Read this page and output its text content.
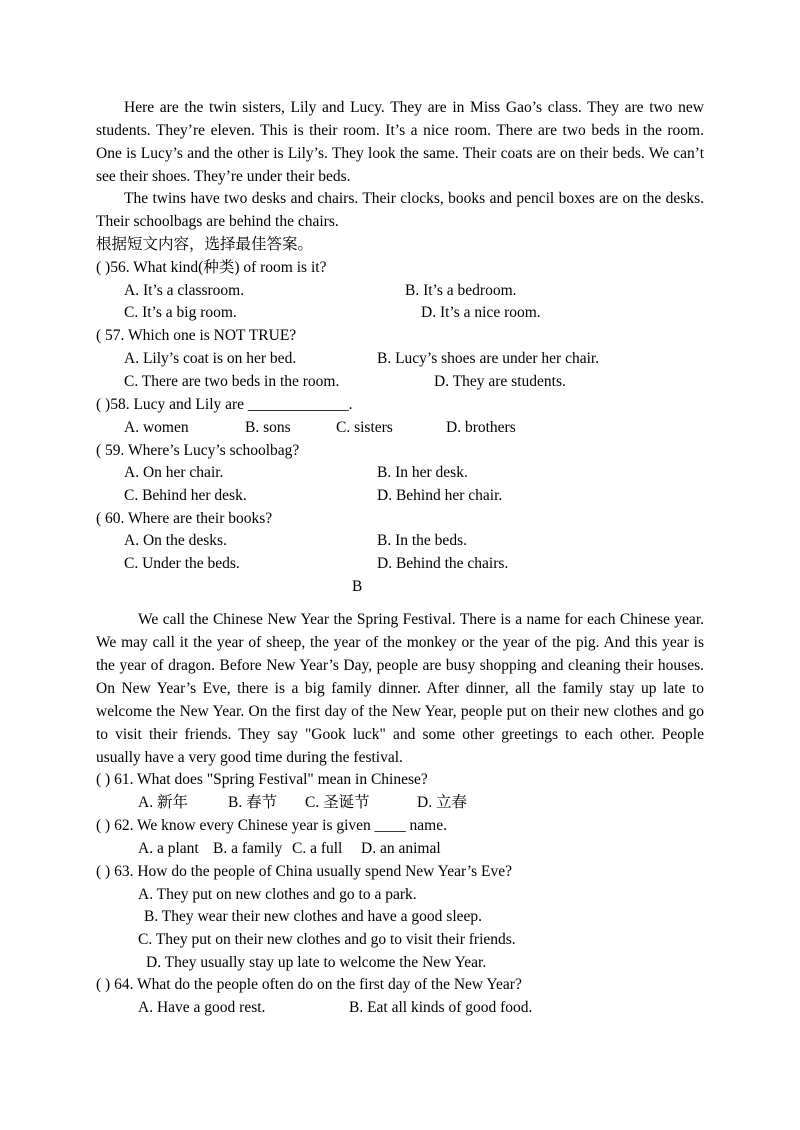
Here are the twin sisters, Lily and Lucy. They are in Miss Gao’s class. They are two new students. They’re eleven. This is their room. It’s a nice room. There are two beds in the room. One is Lucy’s and the other is Lily’s. They look the same. Their coats are on their beds. We can’t see their shoes. They’re under their beds.

The twins have two desks and chairs. Their clocks, books and pencil boxes are on the desks. Their schoolbags are behind the chairs.

根据短文内容，选择最佳答案。
( )56. What kind(种类) of room is it?
A. It’s a classroom.	B. It’s a bedroom.
C. It’s a big room.	D. It’s a nice room.
( 57. Which one is NOT TRUE?
A. Lily’s coat is on her bed.	B. Lucy’s shoes are under her chair.
C. There are two beds in the room.	D. They are students.
( )58. Lucy and Lily are _____________.
A. women	B. sons	C. sisters	D. brothers
( 59. Where’s Lucy’s schoolbag?
A. On her chair.	B. In her desk.
C. Behind her desk.	D. Behind her chair.
( 60. Where are their books?
A. On the desks.	B. In the beds.
C. Under the beds.	D. Behind the chairs.
B

We call the Chinese New Year the Spring Festival. There is a name for each Chinese year. We may call it the year of sheep, the year of the monkey or the year of the pig. And this year is the year of dragon. Before New Year’s Day, people are busy shopping and cleaning their houses. On New Year’s Eve, there is a big family dinner. After dinner, all the family stay up late to welcome the New Year. On the first day of the New Year, people put on their new clothes and go to visit their friends. They say "Gook luck" and some other greetings to each other. People usually have a very good time during the festival.

( ) 61. What does "Spring Festival" mean in Chinese?
A. 新年	B. 春节 C. 圣诞节	D. 立春
( ) 62. We know every Chinese year is given ____ name.
A. a plant B. a family C. a full D. an animal
( ) 63. How do the people of China usually spend New Year’s Eve?
A. They put on new clothes and go to a park.
B. They wear their new clothes and have a good sleep.
C. They put on their new clothes and go to visit their friends.
D. They usually stay up late to welcome the New Year.
( ) 64. What do the people often do on the first day of the New Year?
A. Have a good rest.	B. Eat all kinds of good food.
